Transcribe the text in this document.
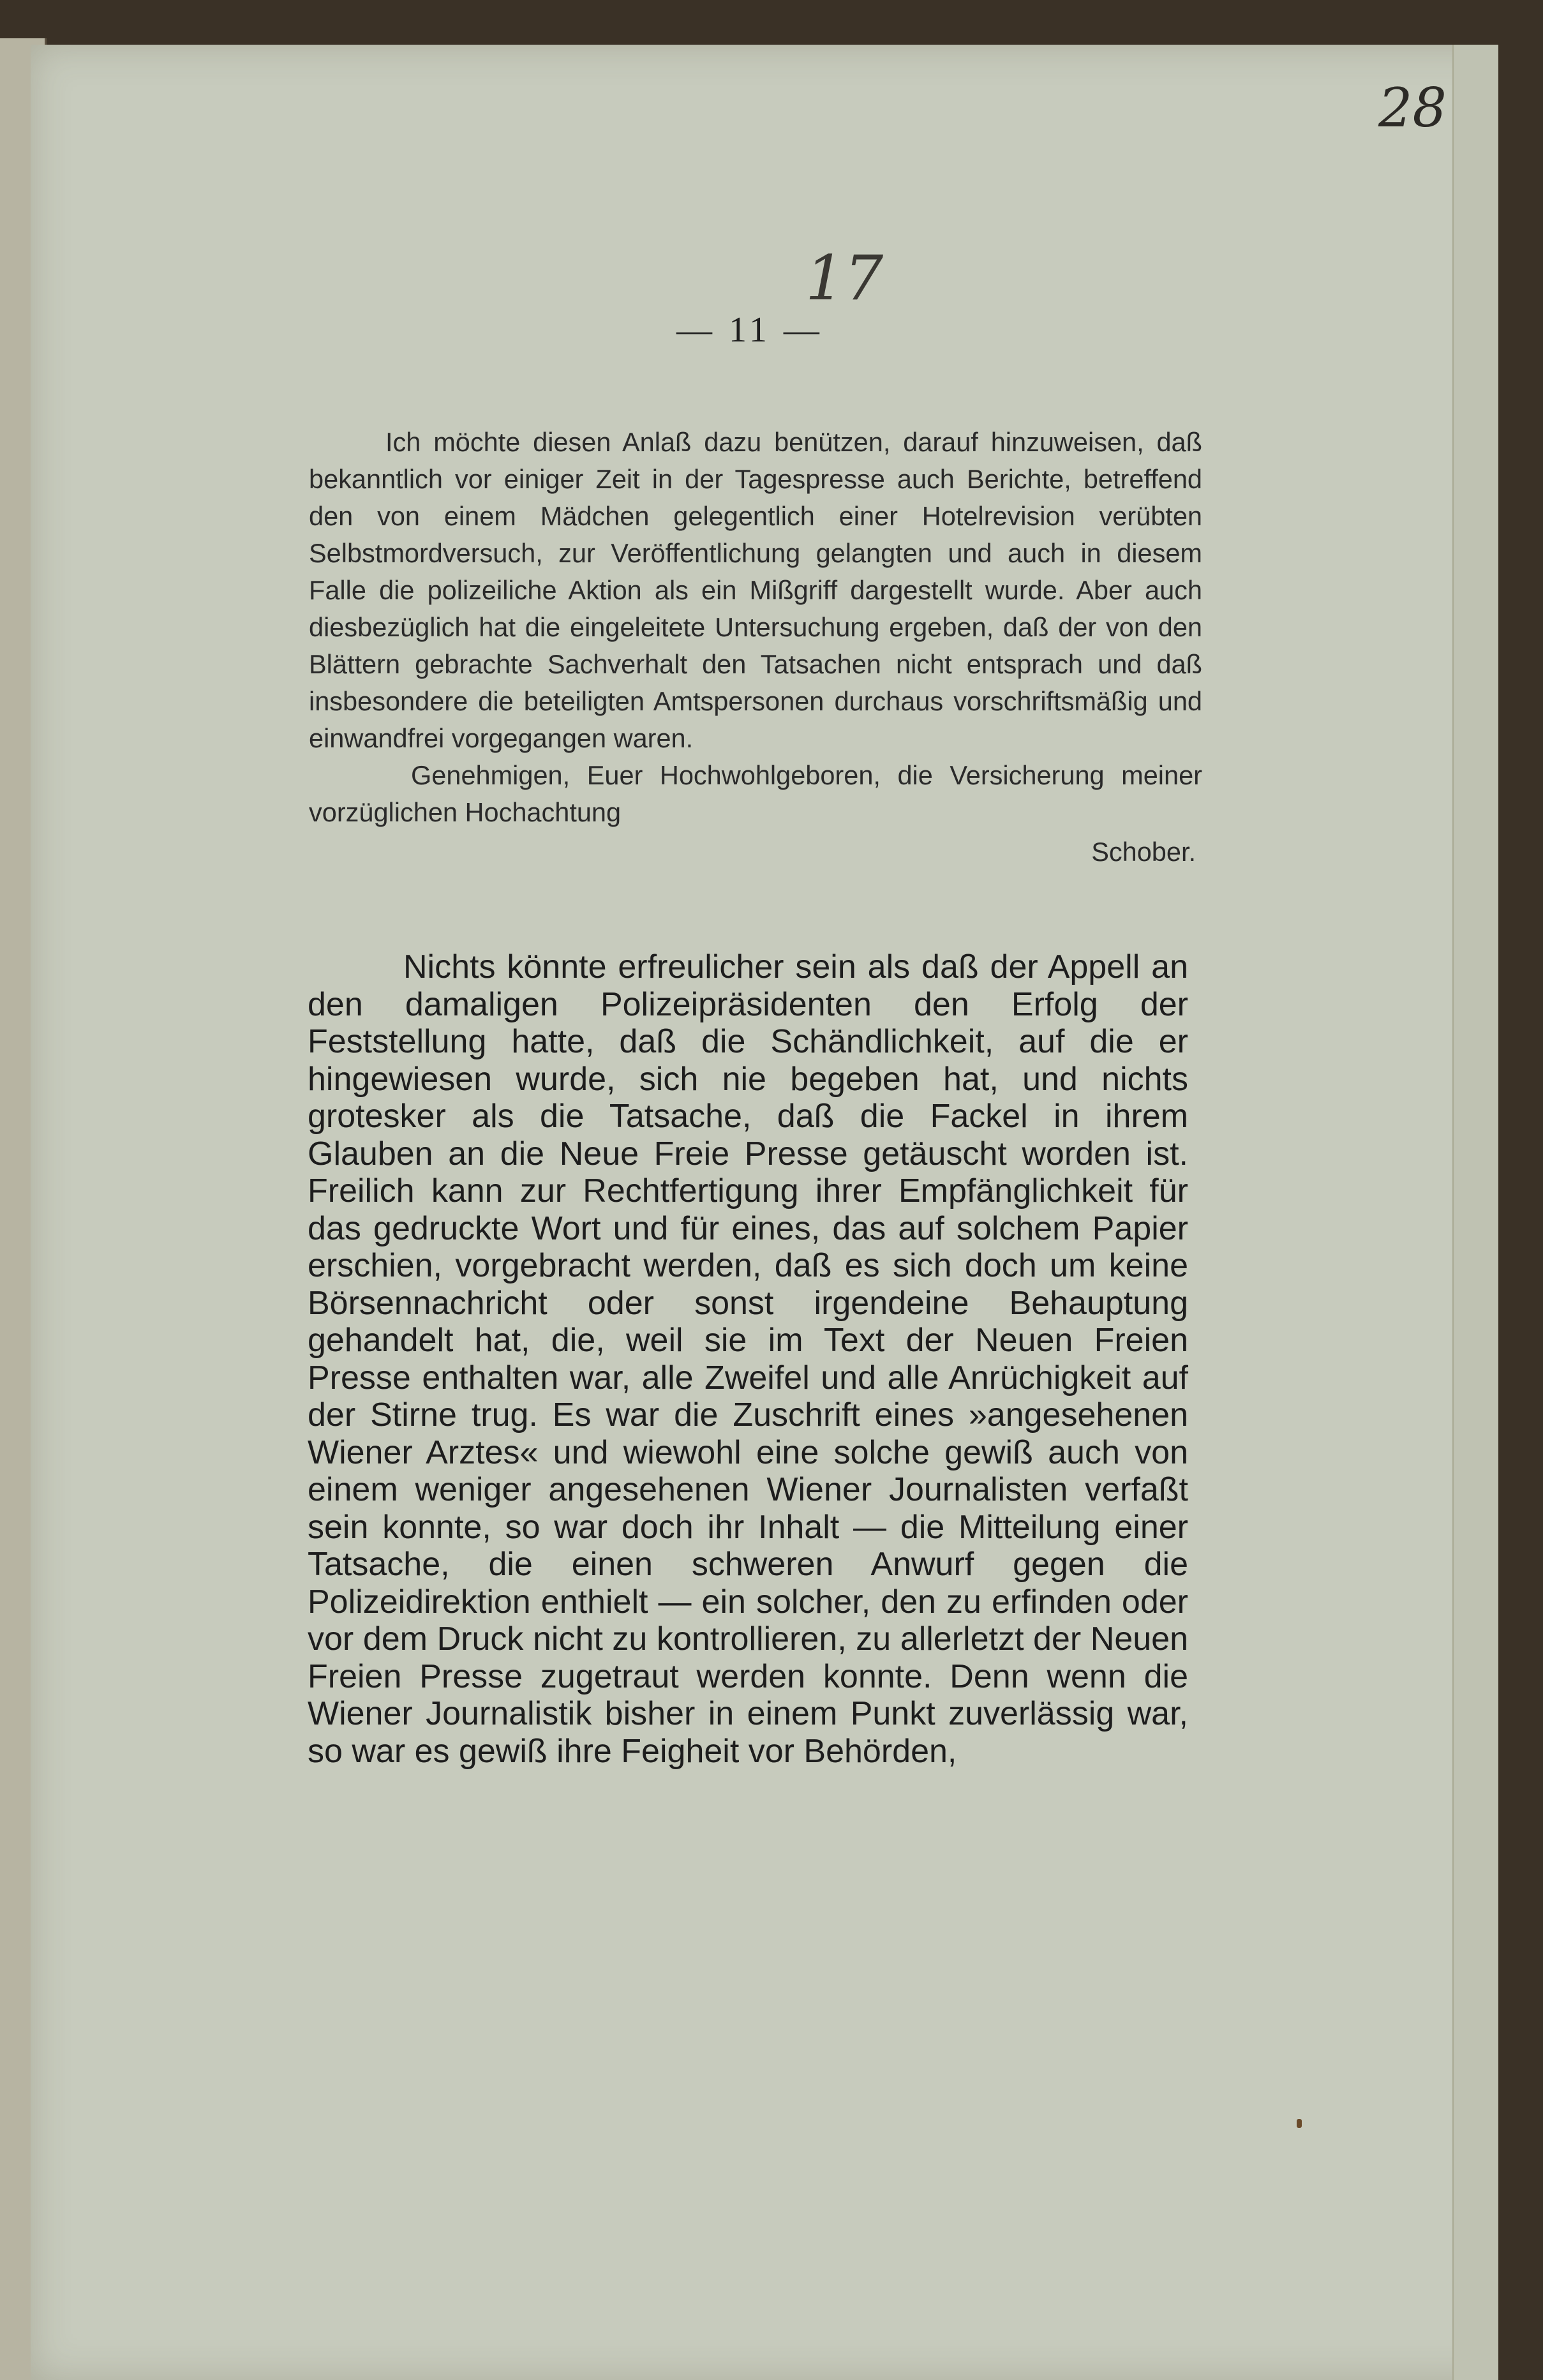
28
17
— 11 —

Ich möchte diesen Anlaß dazu benützen, darauf hinzuweisen, daß bekanntlich vor einiger Zeit in der Tagespresse auch Berichte, betreffend den von einem Mädchen gelegentlich einer Hotelrevision verübten Selbstmordversuch, zur Veröffentlichung gelangten und auch in diesem Falle die polizeiliche Aktion als ein Mißgriff dargestellt wurde. Aber auch diesbezüglich hat die eingeleitete Untersuchung ergeben, daß der von den Blättern gebrachte Sachverhalt den Tatsachen nicht entsprach und daß insbesondere die beteiligten Amtspersonen durchaus vorschriftsmäßig und einwandfrei vorgegangen waren.

Genehmigen, Euer Hochwohlgeboren, die Versicherung meiner vorzüglichen Hochachtung

Schober.

Nichts könnte erfreulicher sein als daß der Appell an den damaligen Polizeipräsidenten den Erfolg der Feststellung hatte, daß die Schändlichkeit, auf die er hingewiesen wurde, sich nie begeben hat, und nichts grotesker als die Tatsache, daß die Fackel in ihrem Glauben an die Neue Freie Presse getäuscht worden ist. Freilich kann zur Rechtfertigung ihrer Empfänglichkeit für das gedruckte Wort und für eines, das auf solchem Papier erschien, vorgebracht werden, daß es sich doch um keine Börsennachricht oder sonst irgendeine Behauptung gehandelt hat, die, weil sie im Text der Neuen Freien Presse enthalten war, alle Zweifel und alle Anrüchigkeit auf der Stirne trug. Es war die Zuschrift eines »angesehenen Wiener Arztes« und wiewohl eine solche gewiß auch von einem weniger angesehenen Wiener Journalisten verfaßt sein konnte, so war doch ihr Inhalt — die Mitteilung einer Tatsache, die einen schweren Anwurf gegen die Polizeidirektion enthielt — ein solcher, den zu erfinden oder vor dem Druck nicht zu kontrollieren, zu allerletzt der Neuen Freien Presse zugetraut werden konnte. Denn wenn die Wiener Journalistik bisher in einem Punkt zuverlässig war, so war es gewiß ihre Feigheit vor Behörden,
